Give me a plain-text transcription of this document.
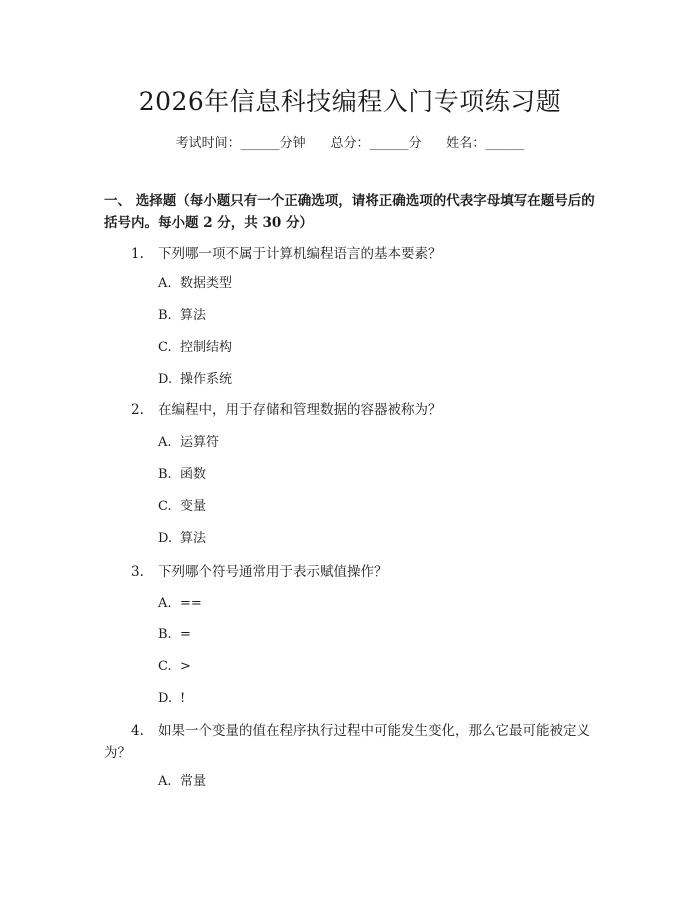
2026年信息科技编程入门专项练习题
考试时间：______分钟 总分：______分 姓名：______
一、 选择题（每小题只有一个正确选项，请将正确选项的代表字母填写在题号后的括号内。每小题 2 分，共 30 分）
1. 下列哪一项不属于计算机编程语言的基本要素？
A. 数据类型
B. 算法
C. 控制结构
D. 操作系统
2. 在编程中，用于存储和管理数据的容器被称为？
A. 运算符
B. 函数
C. 变量
D. 算法
3. 下列哪个符号通常用于表示赋值操作？
A. ==
B. =
C. >
D. !
4. 如果一个变量的值在程序执行过程中可能发生变化，那么它最可能被定义为？
A. 常量
